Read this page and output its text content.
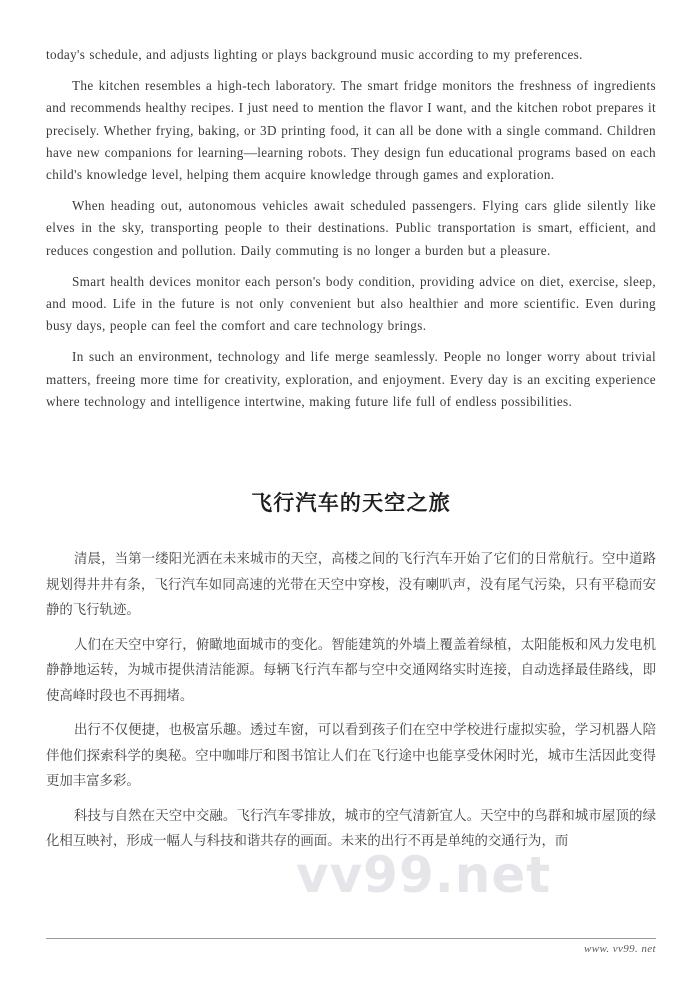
vv99.net

today's schedule, and adjusts lighting or plays background music according to my preferences.

The kitchen resembles a high-tech laboratory. The smart fridge monitors the freshness of ingredients and recommends healthy recipes. I just need to mention the flavor I want, and the kitchen robot prepares it precisely. Whether frying, baking, or 3D printing food, it can all be done with a single command. Children have new companions for learning—learning robots. They design fun educational programs based on each child's knowledge level, helping them acquire knowledge through games and exploration.

When heading out, autonomous vehicles await scheduled passengers. Flying cars glide silently like elves in the sky, transporting people to their destinations. Public transportation is smart, efficient, and reduces congestion and pollution. Daily commuting is no longer a burden but a pleasure.

Smart health devices monitor each person's body condition, providing advice on diet, exercise, sleep, and mood. Life in the future is not only convenient but also healthier and more scientific. Even during busy days, people can feel the comfort and care technology brings.

In such an environment, technology and life merge seamlessly. People no longer worry about trivial matters, freeing more time for creativity, exploration, and enjoyment. Every day is an exciting experience where technology and intelligence intertwine, making future life full of endless possibilities.

飞行汽车的天空之旅

清晨，当第一缕阳光洒在未来城市的天空，高楼之间的飞行汽车开始了它们的日常航行。空中道路规划得井井有条，飞行汽车如同高速的光带在天空中穿梭，没有喇叭声，没有尾气污染，只有平稳而安静的飞行轨迹。

人们在天空中穿行，俯瞰地面城市的变化。智能建筑的外墙上覆盖着绿植，太阳能板和风力发电机静静地运转，为城市提供清洁能源。每辆飞行汽车都与空中交通网络实时连接，自动选择最佳路线，即使高峰时段也不再拥堵。

出行不仅便捷，也极富乐趣。透过车窗，可以看到孩子们在空中学校进行虚拟实验，学习机器人陪伴他们探索科学的奥秘。空中咖啡厅和图书馆让人们在飞行途中也能享受休闲时光，城市生活因此变得更加丰富多彩。

科技与自然在天空中交融。飞行汽车零排放，城市的空气清新宜人。天空中的鸟群和城市屋顶的绿化相互映衬，形成一幅人与科技和谐共存的画面。未来的出行不再是单纯的交通行为，而

www. vv99. net
